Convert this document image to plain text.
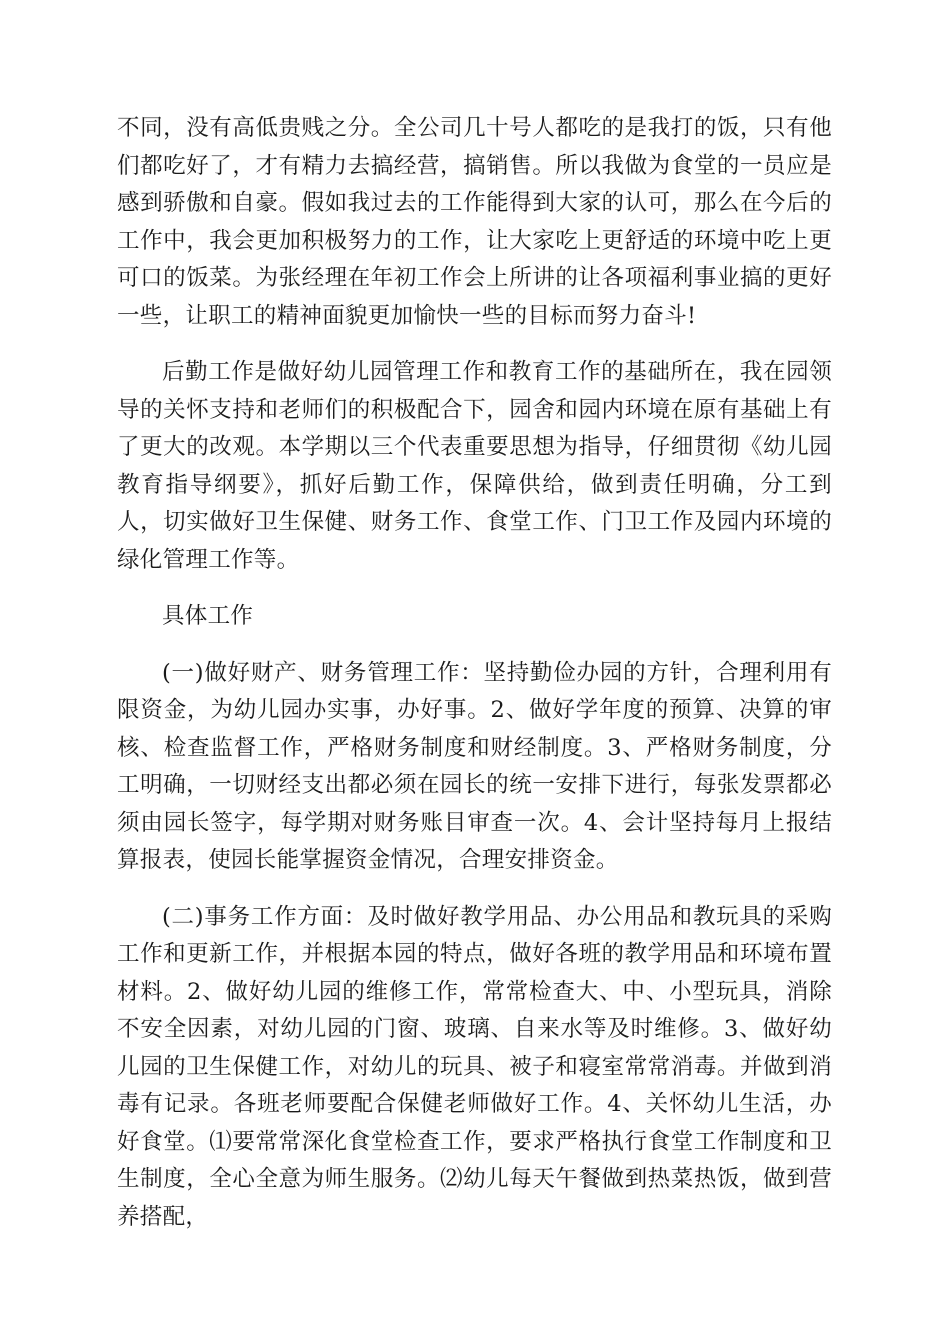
不同，没有高低贵贱之分。全公司几十号人都吃的是我打的饭，只有他们都吃好了，才有精力去搞经营，搞销售。所以我做为食堂的一员应是感到骄傲和自豪。假如我过去的工作能得到大家的认可，那么在今后的工作中，我会更加积极努力的工作，让大家吃上更舒适的环境中吃上更可口的饭菜。为张经理在年初工作会上所讲的让各项福利事业搞的更好一些，让职工的精神面貌更加愉快一些的目标而努力奋斗!

后勤工作是做好幼儿园管理工作和教育工作的基础所在，我在园领导的关怀支持和老师们的积极配合下，园舍和园内环境在原有基础上有了更大的改观。本学期以三个代表重要思想为指导，仔细贯彻《幼儿园教育指导纲要》，抓好后勤工作，保障供给，做到责任明确，分工到人，切实做好卫生保健、财务工作、食堂工作、门卫工作及园内环境的绿化管理工作等。

具体工作

(一)做好财产、财务管理工作：坚持勤俭办园的方针，合理利用有限资金，为幼儿园办实事，办好事。2、做好学年度的预算、决算的审核、检查监督工作，严格财务制度和财经制度。3、严格财务制度，分工明确，一切财经支出都必须在园长的统一安排下进行，每张发票都必须由园长签字，每学期对财务账目审查一次。4、会计坚持每月上报结算报表，使园长能掌握资金情况，合理安排资金。

(二)事务工作方面：及时做好教学用品、办公用品和教玩具的采购工作和更新工作，并根据本园的特点，做好各班的教学用品和环境布置材料。2、做好幼儿园的维修工作，常常检查大、中、小型玩具，消除不安全因素，对幼儿园的门窗、玻璃、自来水等及时维修。3、做好幼儿园的卫生保健工作，对幼儿的玩具、被子和寝室常常消毒。并做到消毒有记录。各班老师要配合保健老师做好工作。4、关怀幼儿生活，办好食堂。⑴要常常深化食堂检查工作，要求严格执行食堂工作制度和卫生制度，全心全意为师生服务。⑵幼儿每天午餐做到热菜热饭，做到营养搭配，
